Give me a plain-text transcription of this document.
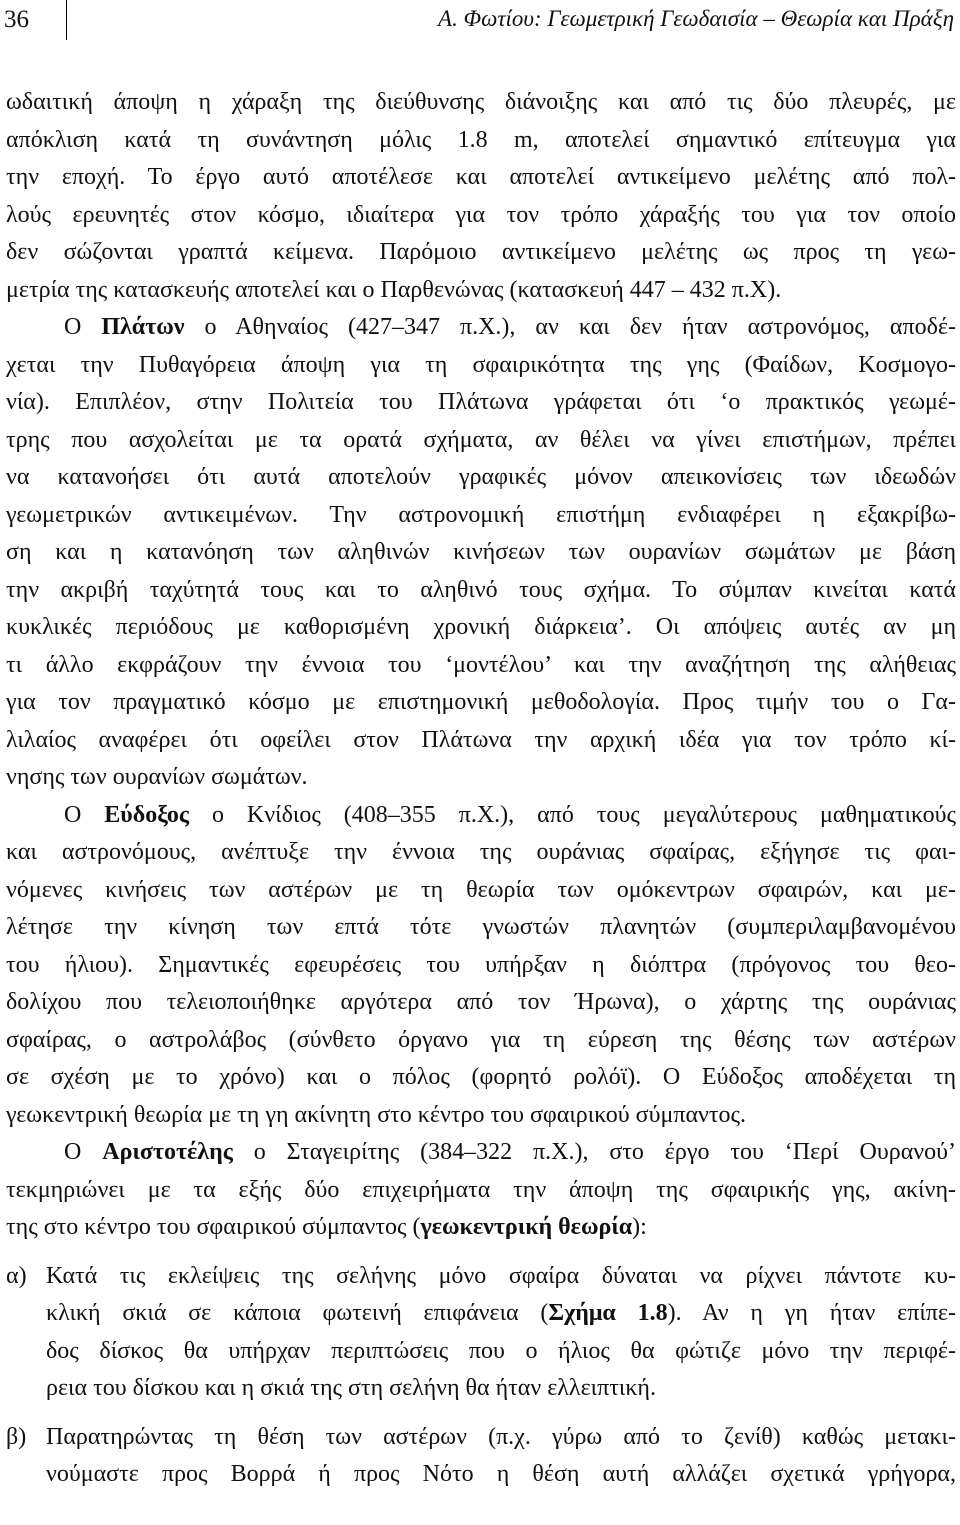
36	Α. Φωτίου: Γεωμετρική Γεωδαισία – Θεωρία και Πράξη
ωδαιτική άποψη η χάραξη της διεύθυνσης διάνοιξης και από τις δύο πλευρές, με
απόκλιση κατά τη συνάντηση μόλις 1.8 m, αποτελεί σημαντικό επίτευγμα για
την εποχή. Το έργο αυτό αποτέλεσε και αποτελεί αντικείμενο μελέτης από πολ-
λούς ερευνητές στον κόσμο, ιδιαίτερα για τον τρόπο χάραξής του για τον οποίο
δεν σώζονται γραπτά κείμενα. Παρόμοιο αντικείμενο μελέτης ως προς τη γεω-
μετρία της κατασκευής αποτελεί και ο Παρθενώνας (κατασκευή 447 – 432 π.Χ).
Ο Πλάτων ο Αθηναίος (427–347 π.Χ.), αν και δεν ήταν αστρονόμος, αποδέ-
χεται την Πυθαγόρεια άποψη για τη σφαιρικότητα της γης (Φαίδων, Κοσμογο-
νία). Επιπλέον, στην Πολιτεία του Πλάτωνα γράφεται ότι ‘ο πρακτικός γεωμέ-
τρης που ασχολείται με τα ορατά σχήματα, αν θέλει να γίνει επιστήμων, πρέπει
να κατανοήσει ότι αυτά αποτελούν γραφικές μόνον απεικονίσεις των ιδεωδών
γεωμετρικών αντικειμένων. Την αστρονομική επιστήμη ενδιαφέρει η εξακρίβω-
ση και η κατανόηση των αληθινών κινήσεων των ουρανίων σωμάτων με βάση
την ακριβή ταχύτητά τους και το αληθινό τους σχήμα. Το σύμπαν κινείται κατά
κυκλικές περιόδους με καθορισμένη χρονική διάρκεια’. Οι απόψεις αυτές αν μη
τι άλλο εκφράζουν την έννοια του ‘μοντέλου’ και την αναζήτηση της αλήθειας
για τον πραγματικό κόσμο με επιστημονική μεθοδολογία. Προς τιμήν του ο Γα-
λιλαίος αναφέρει ότι οφείλει στον Πλάτωνα την αρχική ιδέα για τον τρόπο κί-
νησης των ουρανίων σωμάτων.
Ο Εύδοξος ο Κνίδιος (408–355 π.Χ.), από τους μεγαλύτερους μαθηματικούς
και αστρονόμους, ανέπτυξε την έννοια της ουράνιας σφαίρας, εξήγησε τις φαι-
νόμενες κινήσεις των αστέρων με τη θεωρία των ομόκεντρων σφαιρών, και με-
λέτησε την κίνηση των επτά τότε γνωστών πλανητών (συμπεριλαμβανομένου
του ήλιου). Σημαντικές εφευρέσεις του υπήρξαν η διόπτρα (πρόγονος του θεο-
δολίχου που τελειοποιήθηκε αργότερα από τον Ήρωνα), ο χάρτης της ουράνιας
σφαίρας, ο αστρολάβος (σύνθετο όργανο για τη εύρεση της θέσης των αστέρων
σε σχέση με το χρόνο) και ο πόλος (φορητό ρολόϊ). Ο Εύδοξος αποδέχεται τη
γεωκεντρική θεωρία με τη γη ακίνητη στο κέντρο του σφαιρικού σύμπαντος.
Ο Αριστοτέλης ο Σταγειρίτης (384–322 π.Χ.), στο έργο του ‘Περί Ουρανού’
τεκμηριώνει με τα εξής δύο επιχειρήματα την άποψη της σφαιρικής γης, ακίνη-
της στο κέντρο του σφαιρικού σύμπαντος (γεωκεντρική θεωρία):
α) Κατά τις εκλείψεις της σελήνης μόνο σφαίρα δύναται να ρίχνει πάντοτε κυ-
κλική σκιά σε κάποια φωτεινή επιφάνεια (Σχήμα 1.8). Αν η γη ήταν επίπε-
δος δίσκος θα υπήρχαν περιπτώσεις που ο ήλιος θα φώτιζε μόνο την περιφέ-
ρεια του δίσκου και η σκιά της στη σελήνη θα ήταν ελλειπτική.
β) Παρατηρώντας τη θέση των αστέρων (π.χ. γύρω από το ζενίθ) καθώς μετακι-
νούμαστε προς Βορρά ή προς Νότο η θέση αυτή αλλάζει σχετικά γρήγορα,
